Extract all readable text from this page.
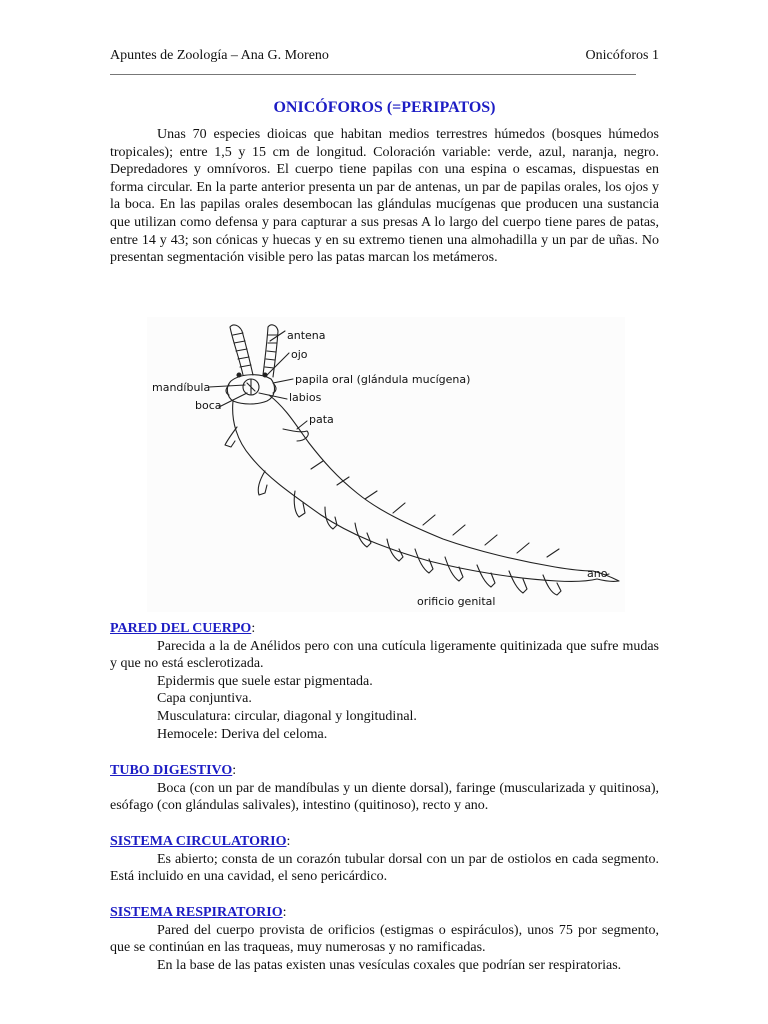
Apuntes de Zoología – Ana G. Moreno	Onicóforos 1
ONICÓFOROS (=PERIPATOS)
Unas 70 especies dioicas que habitan medios terrestres húmedos (bosques húmedos tropicales); entre 1,5 y 15 cm de longitud. Coloración variable: verde, azul, naranja, negro. Depredadores y omnívoros. El cuerpo tiene papilas con una espina o escamas, dispuestas en forma circular. En la parte anterior presenta un par de antenas, un par de papilas orales, los ojos y la boca. En las papilas orales desembocan las glándulas mucígenas que producen una sustancia que utilizan como defensa y para capturar a sus presas A lo largo del cuerpo tiene pares de patas, entre 14 y 43; son cónicas y huecas y en su extremo tienen una almohadilla y un par de uñas. No presentan segmentación visible pero las patas marcan los metámeros.
antena
ojo
papila oral (glándula mucígena)
mandíbula
boca
labios
pata
ano
orificio genital

PARED DEL CUERPO:

Parecida a la de Anélidos pero con una cutícula ligeramente quitinizada que sufre mudas y que no está esclerotizada.

Epidermis que suele estar pigmentada.

Capa conjuntiva.

Musculatura: circular, diagonal y longitudinal.

Hemocele: Deriva del celoma.

TUBO DIGESTIVO:

Boca (con un par de mandíbulas y un diente dorsal), faringe (muscularizada y quitinosa), esófago (con glándulas salivales), intestino (quitinoso), recto y ano.

SISTEMA CIRCULATORIO:

Es abierto; consta de un corazón tubular dorsal con un par de ostiolos en cada segmento. Está incluido en una cavidad, el seno pericárdico.

SISTEMA RESPIRATORIO:

Pared del cuerpo provista de orificios (estigmas o espiráculos), unos 75 por segmento, que se continúan en las traqueas, muy numerosas y no ramificadas.

En la base de las patas existen unas vesículas coxales que podrían ser respiratorias.
